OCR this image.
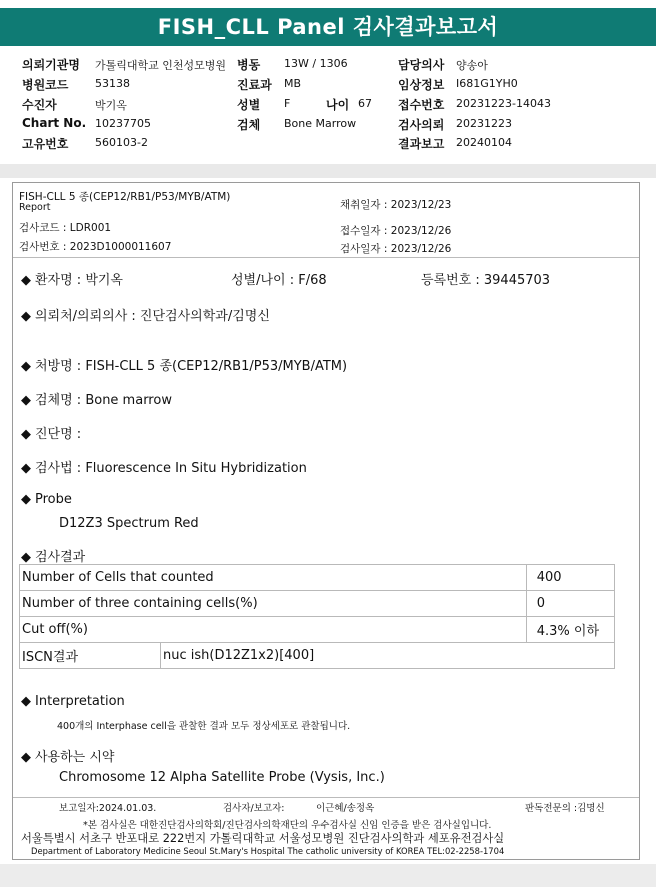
FISH_CLL Panel 검사결과보고서
의뢰기관명 가톨릭대학교 인천성모병원 병동 13W / 1306	담당의사 양송아
병원코드 53138	진료과 MB	임상정보 I681G1YH0
수진자	박기옥	성별 F	나이 67 접수번호 20231223-14043
Chart No. 10237705	검체 Bone Marrow	검사의뢰 20231223
고유번호 560103-2	결과보고 20240104
FISH-CLL 5 종(CEP12/RB1/P53/MYB/ATM)
Report
검사코드 : LDR001
검사번호 : 2023D1000011607
채취일자 : 2023/12/23
접수일자 : 2023/12/26
검사일자 : 2023/12/26
◆ 환자명 : 박기옥	성별/나이 : F/68	등록번호 : 39445703
◆ 의뢰처/의뢰의사 : 진단검사의학과/김명신
◆ 처방명 : FISH-CLL 5 종(CEP12/RB1/P53/MYB/ATM)
◆ 검체명 : Bone marrow
◆ 진단명 :
◆ 검사법 : Fluorescence In Situ Hybridization
◆ Probe
D12Z3 Spectrum Red
◆ 검사결과
Number of Cells that counted		400
Number of three containing cells(%)		0
Cut off(%)		4.3% 이하
ISCN결과	nuc ish(D12Z1x2)[400]	
◆ Interpretation
400개의 Interphase cell을 관찰한 결과 모두 정상세포로 관찰됩니다.
◆ 사용하는 시약
Chromosome 12 Alpha Satellite Probe (Vysis, Inc.)
보고일자:2024.01.03.	검사자/보고자:	이근혜/송정옥	판독전문의 :김명신
*본 검사실은 대한진단검사의학회/진단검사의학재단의 우수검사실 신임 인증을 받은 검사실입니다.
서울특별시 서초구 반포대로 222번지 가톨릭대학교 서울성모병원 진단검사의학과 세포유전검사실
Department of Laboratory Medicine Seoul St.Mary's Hospital The catholic university of KOREA TEL:02-2258-1704
